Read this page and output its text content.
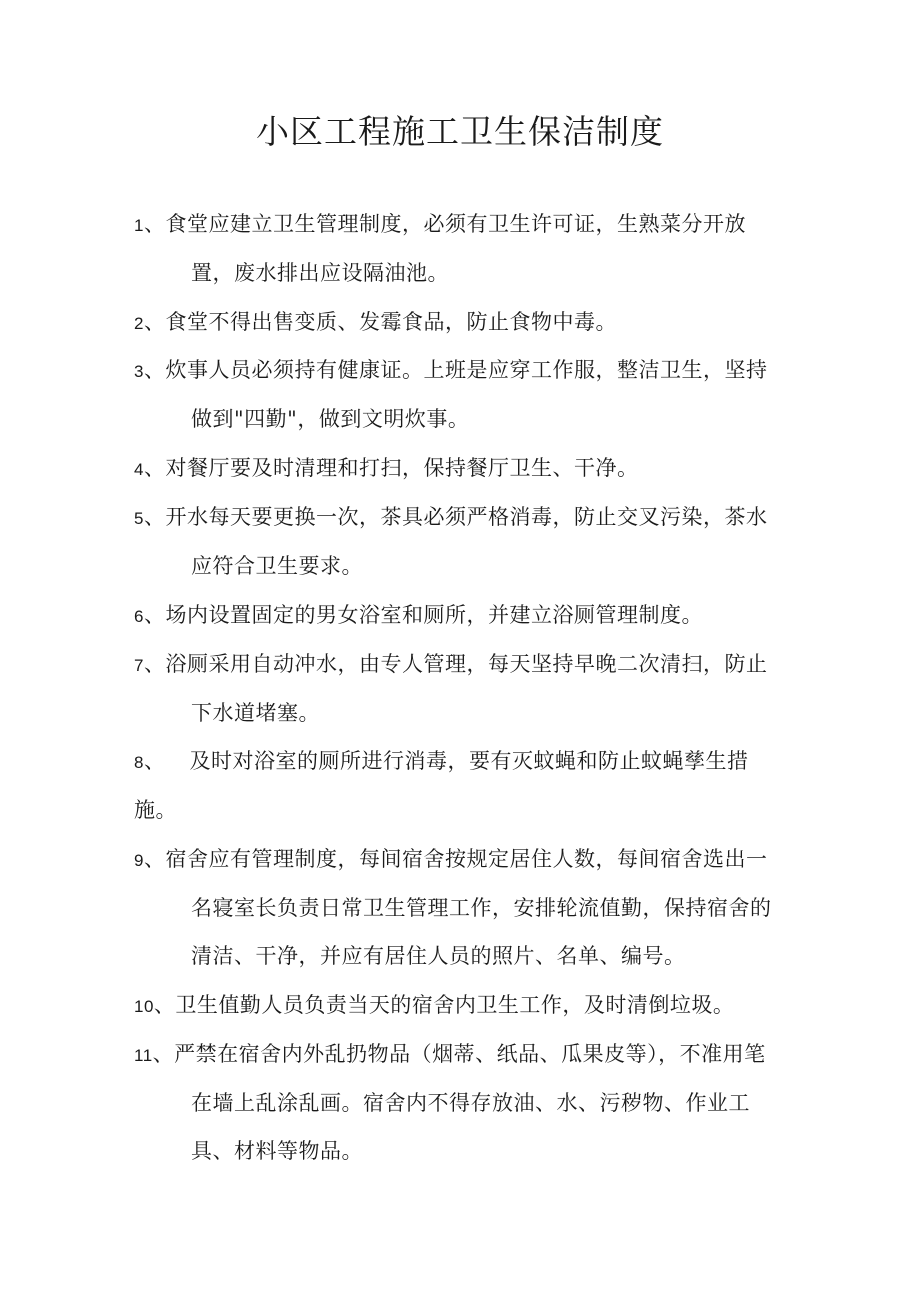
小区工程施工卫生保洁制度
1、食堂应建立卫生管理制度，必须有卫生许可证，生熟菜分开放
置，废水排出应设隔油池。
2、食堂不得出售变质、发霉食品，防止食物中毒。
3、炊事人员必须持有健康证。上班是应穿工作服，整洁卫生，坚持
做到"四勤"，做到文明炊事。
4、对餐厅要及时清理和打扫，保持餐厅卫生、干净。
5、开水每天要更换一次，茶具必须严格消毒，防止交叉污染，茶水
应符合卫生要求。
6、场内设置固定的男女浴室和厕所，并建立浴厕管理制度。
7、浴厕采用自动冲水，由专人管理，每天坚持早晚二次清扫，防止
下水道堵塞。
8、 及时对浴室的厕所进行消毒，要有灭蚊蝇和防止蚊蝇孳生措
施。
9、宿舍应有管理制度，每间宿舍按规定居住人数，每间宿舍选出一
名寝室长负责日常卫生管理工作，安排轮流值勤，保持宿舍的
清洁、干净，并应有居住人员的照片、名单、编号。
10、卫生值勤人员负责当天的宿舍内卫生工作，及时清倒垃圾。
11、严禁在宿舍内外乱扔物品（烟蒂、纸品、瓜果皮等），不准用笔
在墙上乱涂乱画。宿舍内不得存放油、水、污秽物、作业工
具、材料等物品。
